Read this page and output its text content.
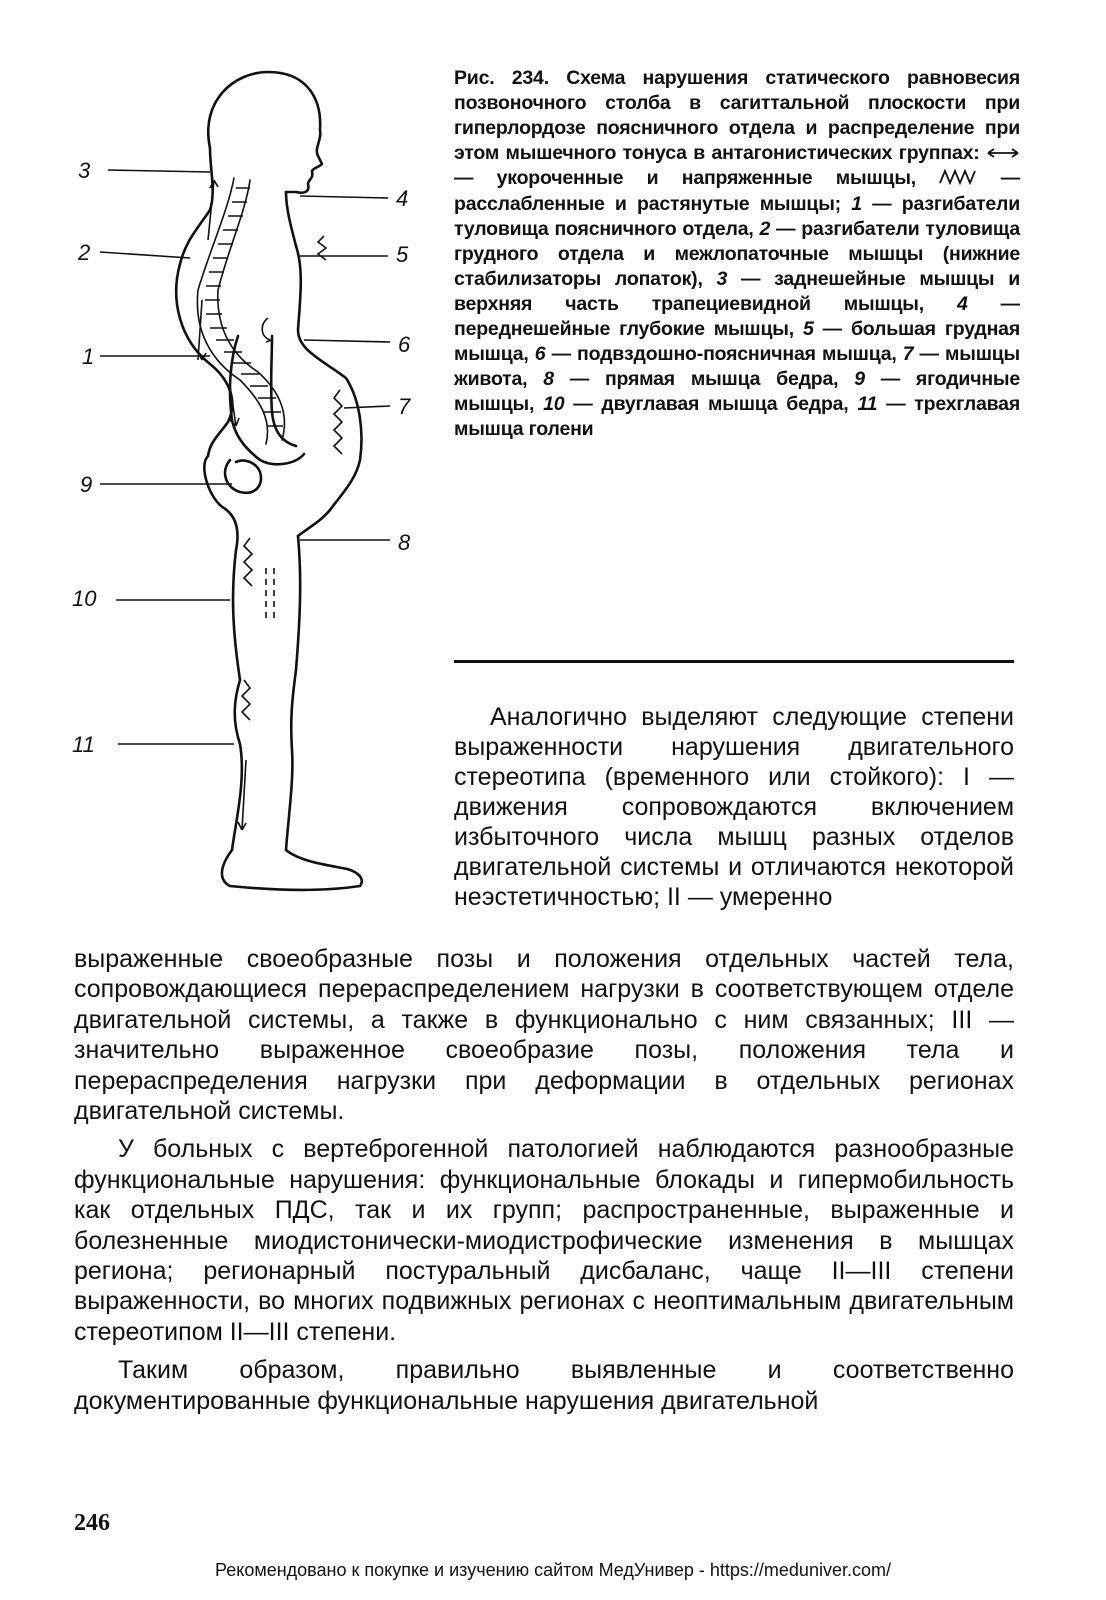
3
2
1
9
10
11
4
5
6
7
8

Рис. 234. Схема нарушения статического равновесия позвоночного столба в сагиттальной плоскости при гиперлордозе поясничного отдела и распределение при этом мышечного тонуса в антагонистических группах:  — укороченные и напряженные мышцы,  — расслабленные и растянутые мышцы; 1 — разгибатели туловища поясничного отдела, 2 — разгибатели туловища грудного отдела и межлопаточные мышцы (нижние стабилизаторы лопаток), 3 — заднешейные мышцы и верхняя часть трапециевидной мышцы, 4 — переднешейные глубокие мышцы, 5 — большая грудная мышца, 6 — подвздошно-поясничная мышца, 7 — мышцы живота, 8 — прямая мышца бедра, 9 — ягодичные мышцы, 10 — двуглавая мышца бедра, 11 — трехглавая мышца голени

Аналогично выделяют следующие степени выраженности нарушения двигательного стереотипа (временного или стойкого): I — движения сопровождаются включением избыточного числа мышц разных отделов двигательной системы и отличаются некоторой неэстетичностью; II — умеренно

выраженные своеобразные позы и положения отдельных частей тела, сопровождающиеся перераспределением нагрузки в соответствующем отделе двигательной системы, а также в функционально с ним связанных; III — значительно выраженное своеобразие позы, положения тела и перераспределения нагрузки при деформации в отдельных регионах двигательной системы.

У больных с вертеброгенной патологией наблюдаются разнообразные функциональные нарушения: функциональные блокады и гипермобильность как отдельных ПДС, так и их групп; распространенные, выраженные и болезненные миодистонически-миодистрофические изменения в мышцах региона; регионарный постуральный дисбаланс, чаще II—III степени выраженности, во многих подвижных регионах с неоптимальным двигательным стереотипом II—III степени.

Таким образом, правильно выявленные и соответственно документированные функциональные нарушения двигательной

246
Рекомендовано к покупке и изучению сайтом МедУнивер - https://meduniver.com/
